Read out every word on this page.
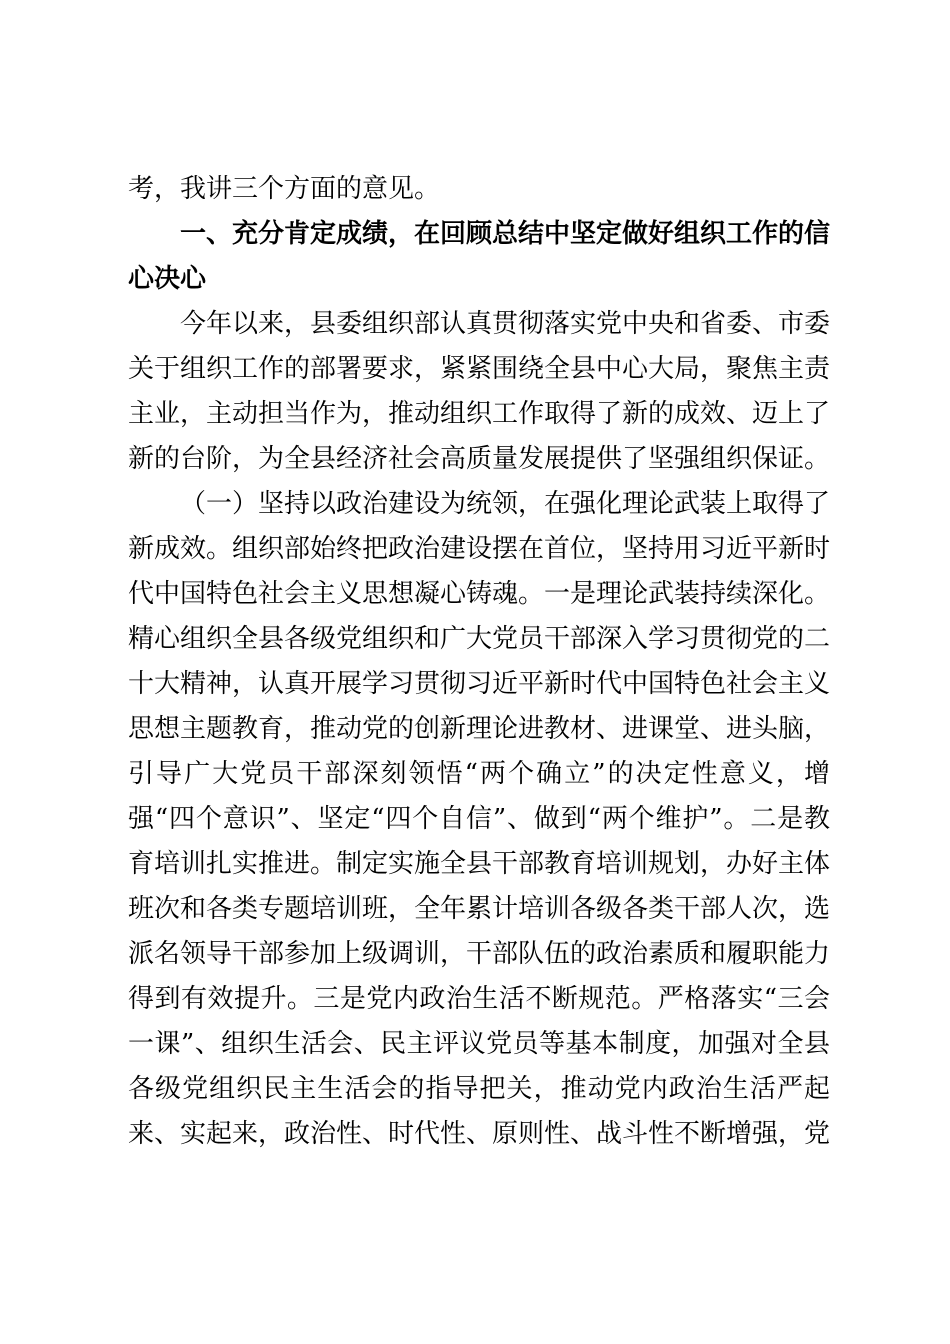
考，我讲三个方面的意见。

一、充分肯定成绩，在回顾总结中坚定做好组织工作的信心决心

今年以来，县委组织部认真贯彻落实党中央和省委、市委关于组织工作的部署要求，紧紧围绕全县中心大局，聚焦主责主业，主动担当作为，推动组织工作取得了新的成效、迈上了新的台阶，为全县经济社会高质量发展提供了坚强组织保证。

（一）坚持以政治建设为统领，在强化理论武装上取得了新成效。组织部始终把政治建设摆在首位，坚持用习近平新时代中国特色社会主义思想凝心铸魂。一是理论武装持续深化。精心组织全县各级党组织和广大党员干部深入学习贯彻党的二十大精神，认真开展学习贯彻习近平新时代中国特色社会主义思想主题教育，推动党的创新理论进教材、进课堂、进头脑，引导广大党员干部深刻领悟“两个确立”的决定性意义，增强“四个意识”、坚定“四个自信”、做到“两个维护”。二是教育培训扎实推进。制定实施全县干部教育培训规划，办好主体班次和各类专题培训班，全年累计培训各级各类干部人次，选派名领导干部参加上级调训，干部队伍的政治素质和履职能力得到有效提升。三是党内政治生活不断规范。严格落实“三会一课”、组织生活会、民主评议党员等基本制度，加强对全县各级党组织民主生活会的指导把关，推动党内政治生活严起来、实起来，政治性、时代性、原则性、战斗性不断增强，党
